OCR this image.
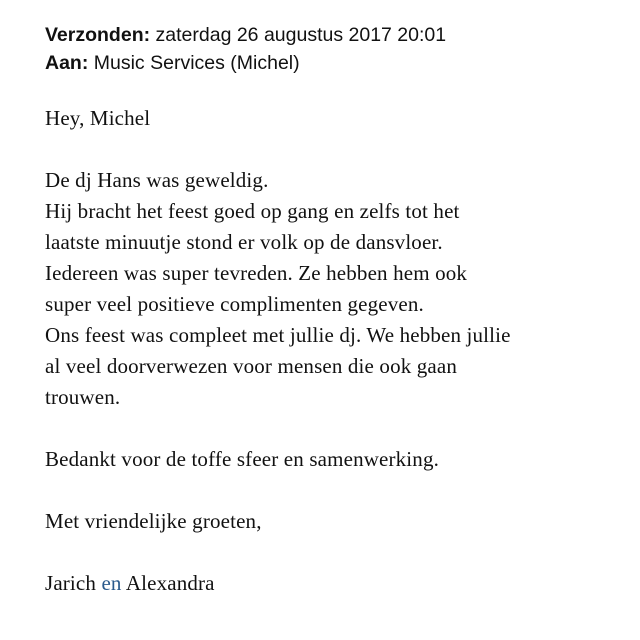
Verzonden: zaterdag 26 augustus 2017 20:01
Aan: Music Services (Michel)
Hey, Michel
De dj Hans was geweldig.
Hij bracht het feest goed op gang en zelfs tot het
laatste minuutje stond er volk op de dansvloer.
Iedereen was super tevreden. Ze hebben hem ook
super veel positieve complimenten gegeven.
Ons feest was compleet met jullie dj. We hebben jullie
al veel doorverwezen voor mensen die ook gaan
trouwen.
Bedankt voor de toffe sfeer en samenwerking.
Met vriendelijke groeten,
Jarich en Alexandra
